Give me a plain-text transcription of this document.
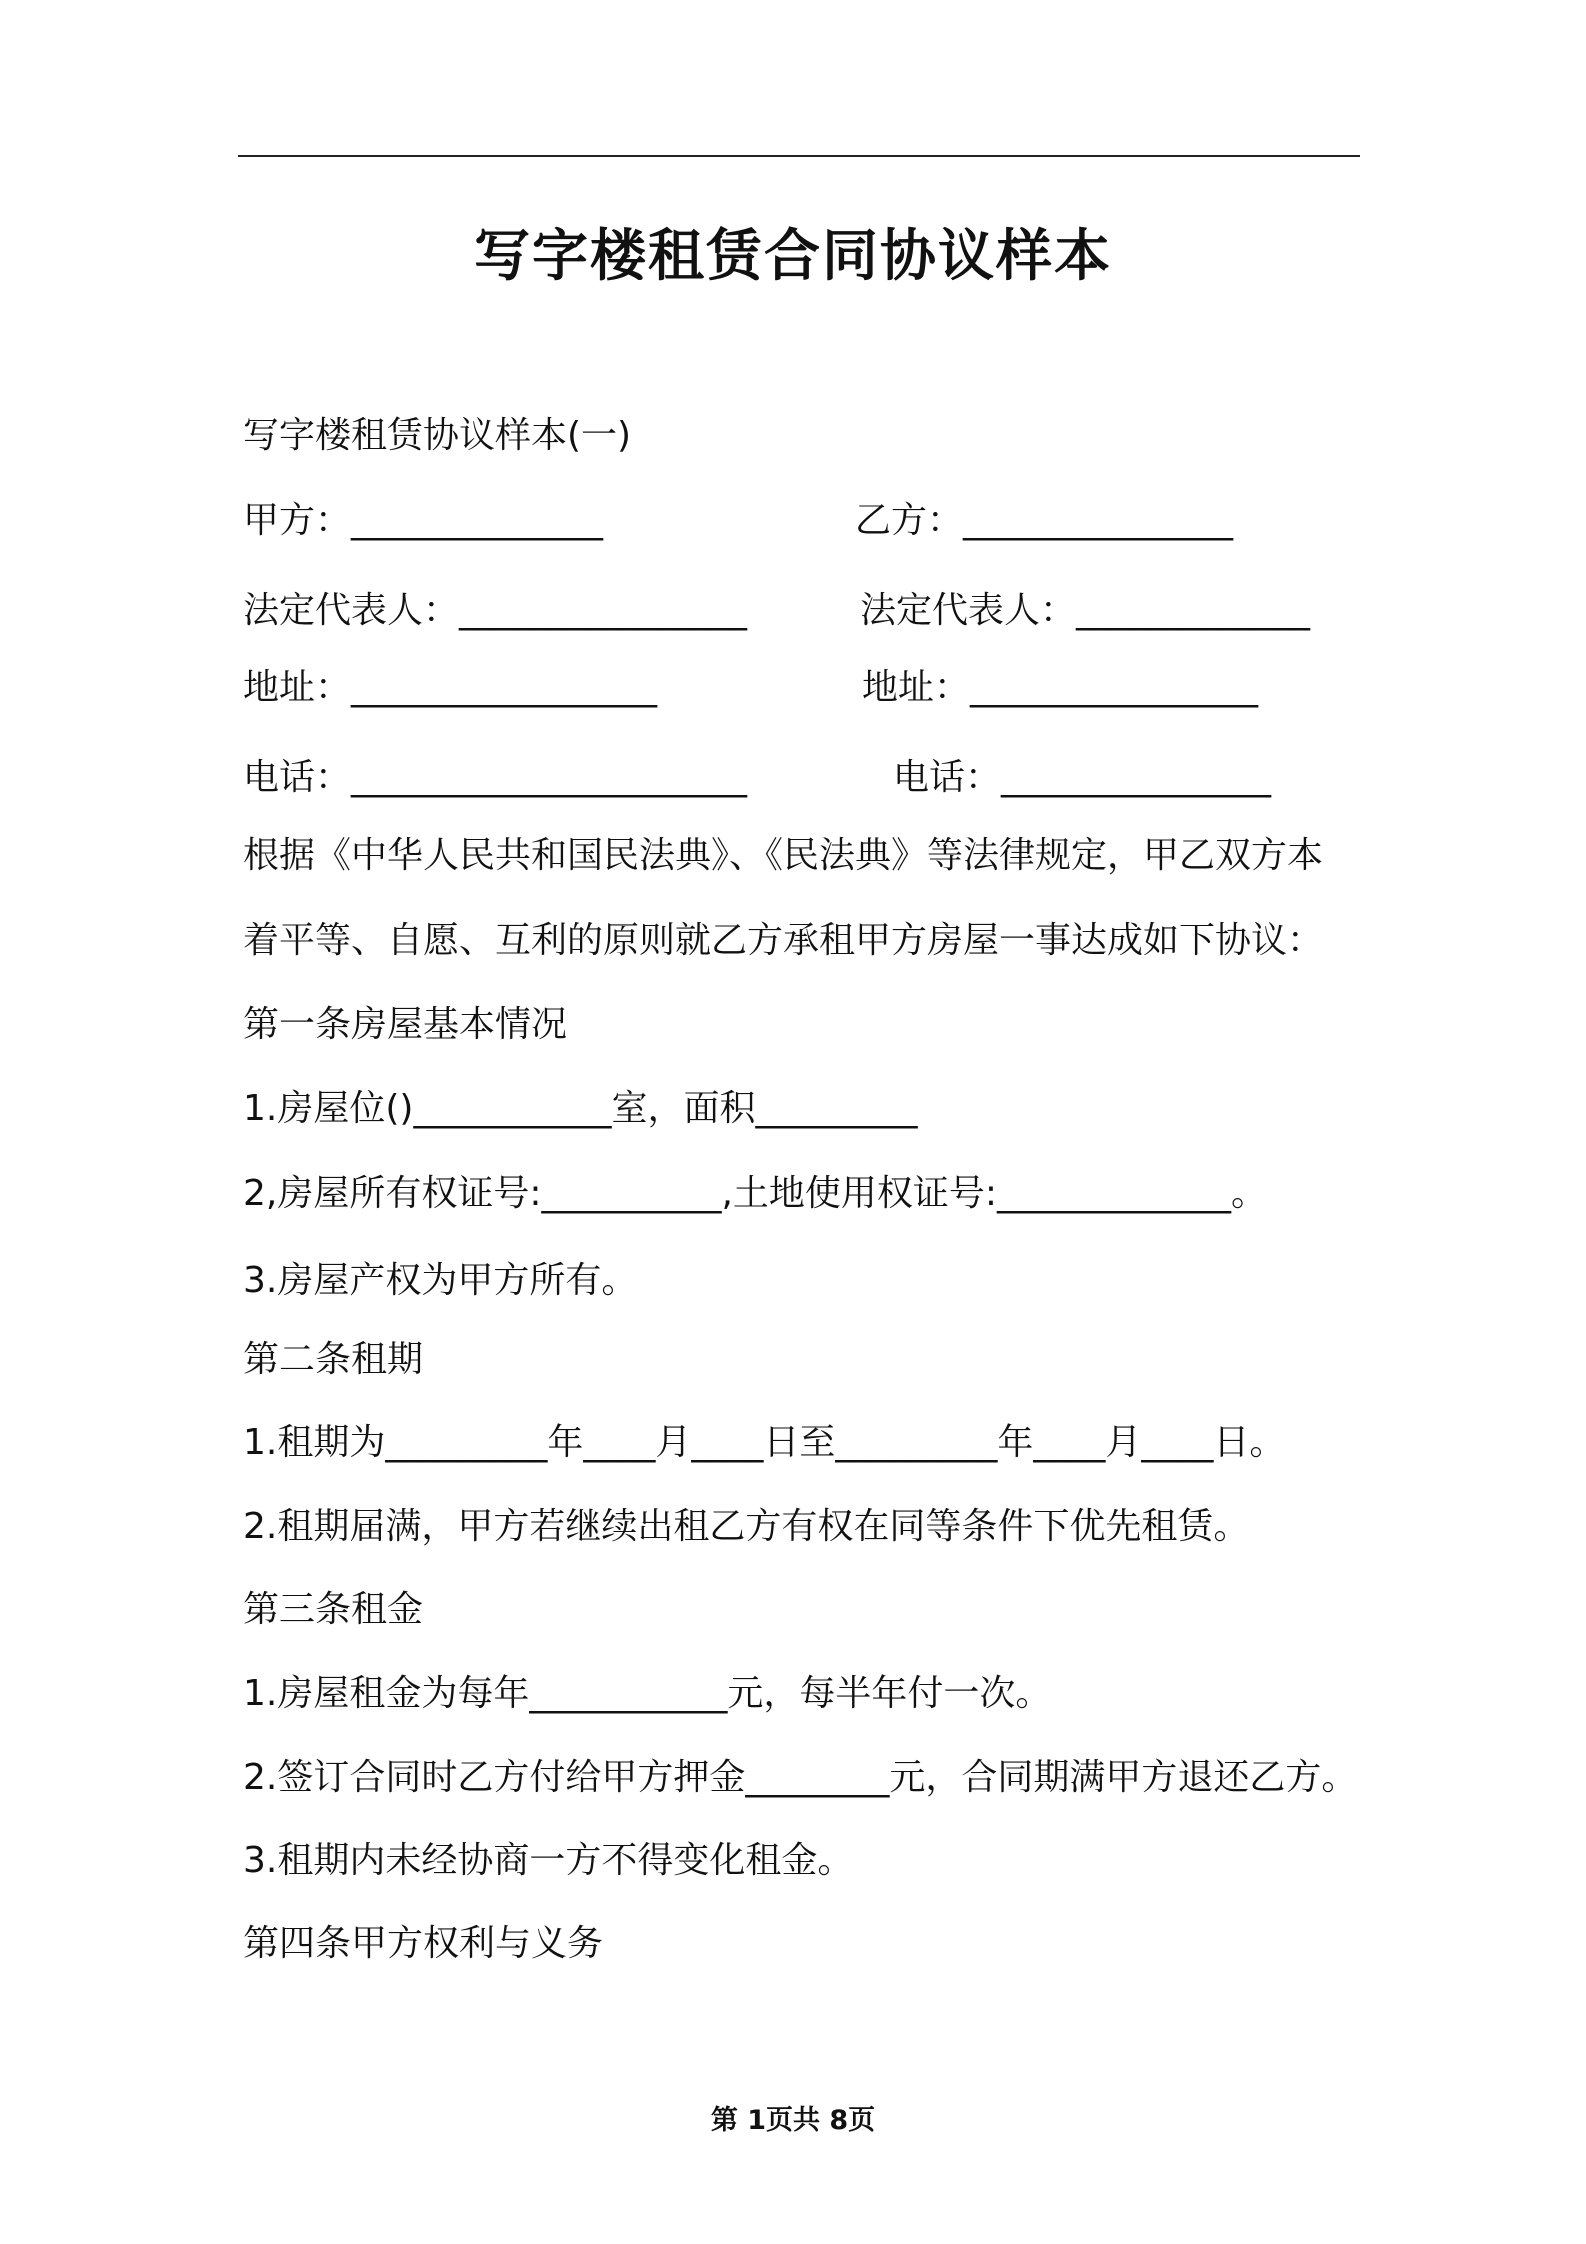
写字楼租赁合同协议样本
写字楼租赁协议样本(一)
甲方：______________	乙方：_______________
法定代表人：________________	法定代表人：_____________
地址：_________________	地址：________________
电话：______________________	电话：_______________
根据《中华人民共和国民法典》、《民法典》等法律规定，甲乙双方本
着平等、自愿、互利的原则就乙方承租甲方房屋一事达成如下协议：
第一条房屋基本情况
1.房屋位()___________室，面积_________
2,房屋所有权证号:__________,土地使用权证号:_____________。
3.房屋产权为甲方所有。
第二条租期
1.租期为_________年____月____日至_________年____月____日。
2.租期届满，甲方若继续出租乙方有权在同等条件下优先租赁。
第三条租金
1.房屋租金为每年___________元，每半年付一次。
2.签订合同时乙方付给甲方押金________元，合同期满甲方退还乙方。
3.租期内未经协商一方不得变化租金。
第四条甲方权利与义务
第 1页共 8页
